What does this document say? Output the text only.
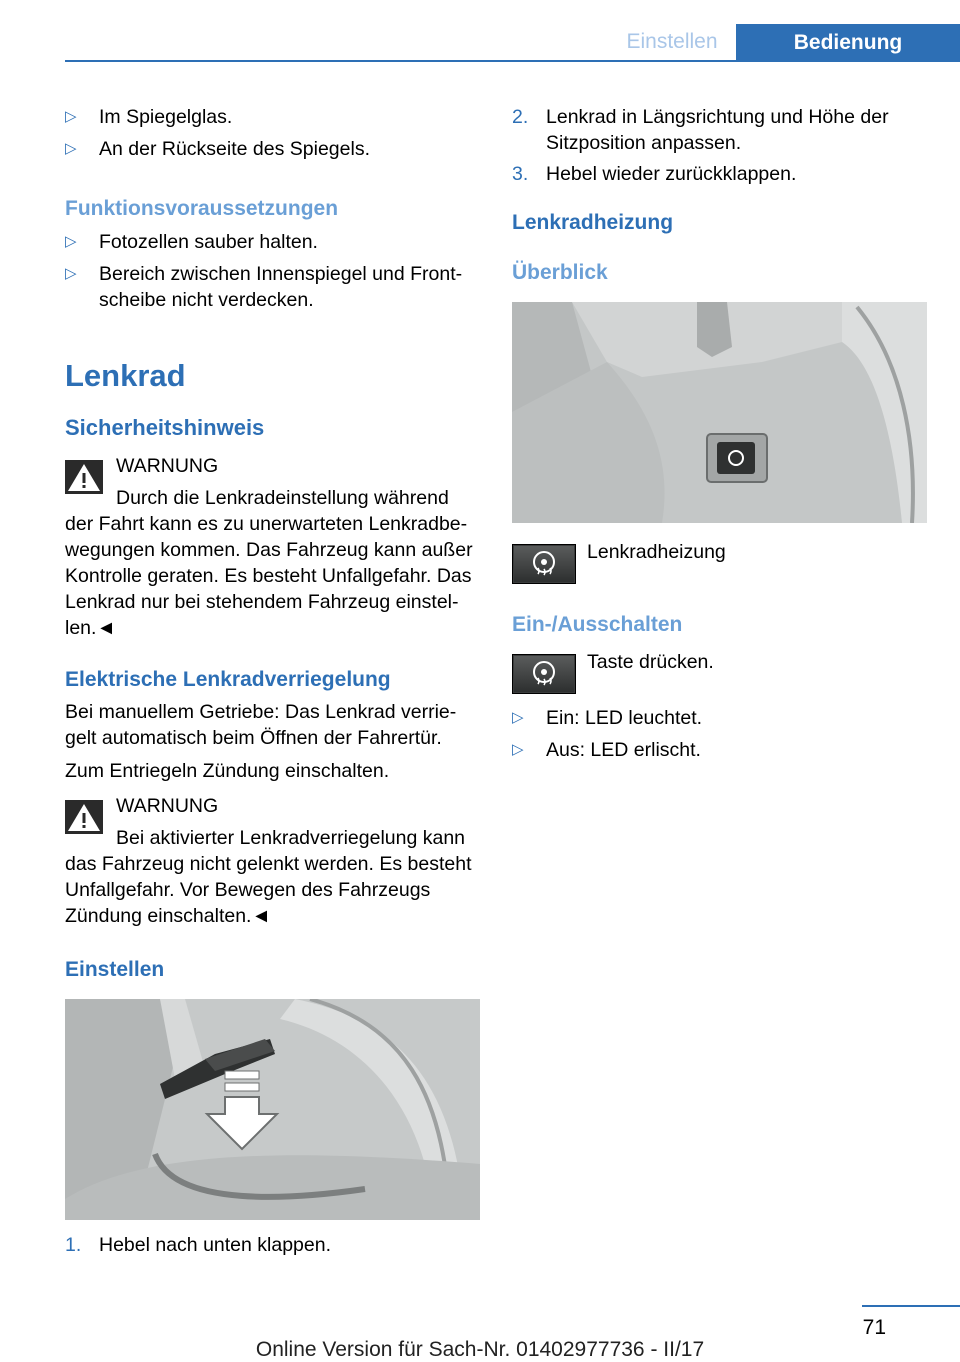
Einstellen	Bedienung
▷ Im Spiegelglas.
▷ An der Rückseite des Spiegels.
Funktionsvoraussetzungen
▷ Fotozellen sauber halten.
▷ Bereich zwischen Innenspiegel und Front-
scheibe nicht verdecken.
Lenkrad
Sicherheitshinweis
WARNUNG
Durch die Lenkradeinstellung während
der Fahrt kann es zu unerwarteten Lenkradbe-
wegungen kommen. Das Fahrzeug kann außer
Kontrolle geraten. Es besteht Unfallgefahr. Das
Lenkrad nur bei stehendem Fahrzeug einstel-
len.◄
Elektrische Lenkradverriegelung
Bei manuellem Getriebe: Das Lenkrad verrie-
gelt automatisch beim Öffnen der Fahrertür.
Zum Entriegeln Zündung einschalten.
WARNUNG
Bei aktivierter Lenkradverriegelung kann
das Fahrzeug nicht gelenkt werden. Es besteht
Unfallgefahr. Vor Bewegen des Fahrzeugs
Zündung einschalten.◄
Einstellen
1. Hebel nach unten klappen.
2. Lenkrad in Längsrichtung und Höhe der
Sitzposition anpassen.
3. Hebel wieder zurückklappen.
Lenkradheizung
Überblick
Lenkradheizung
Ein-/Ausschalten
Taste drücken.
▷ Ein: LED leuchtet.
▷ Aus: LED erlischt.
71
Online Version für Sach-Nr. 01402977736 - II/17
